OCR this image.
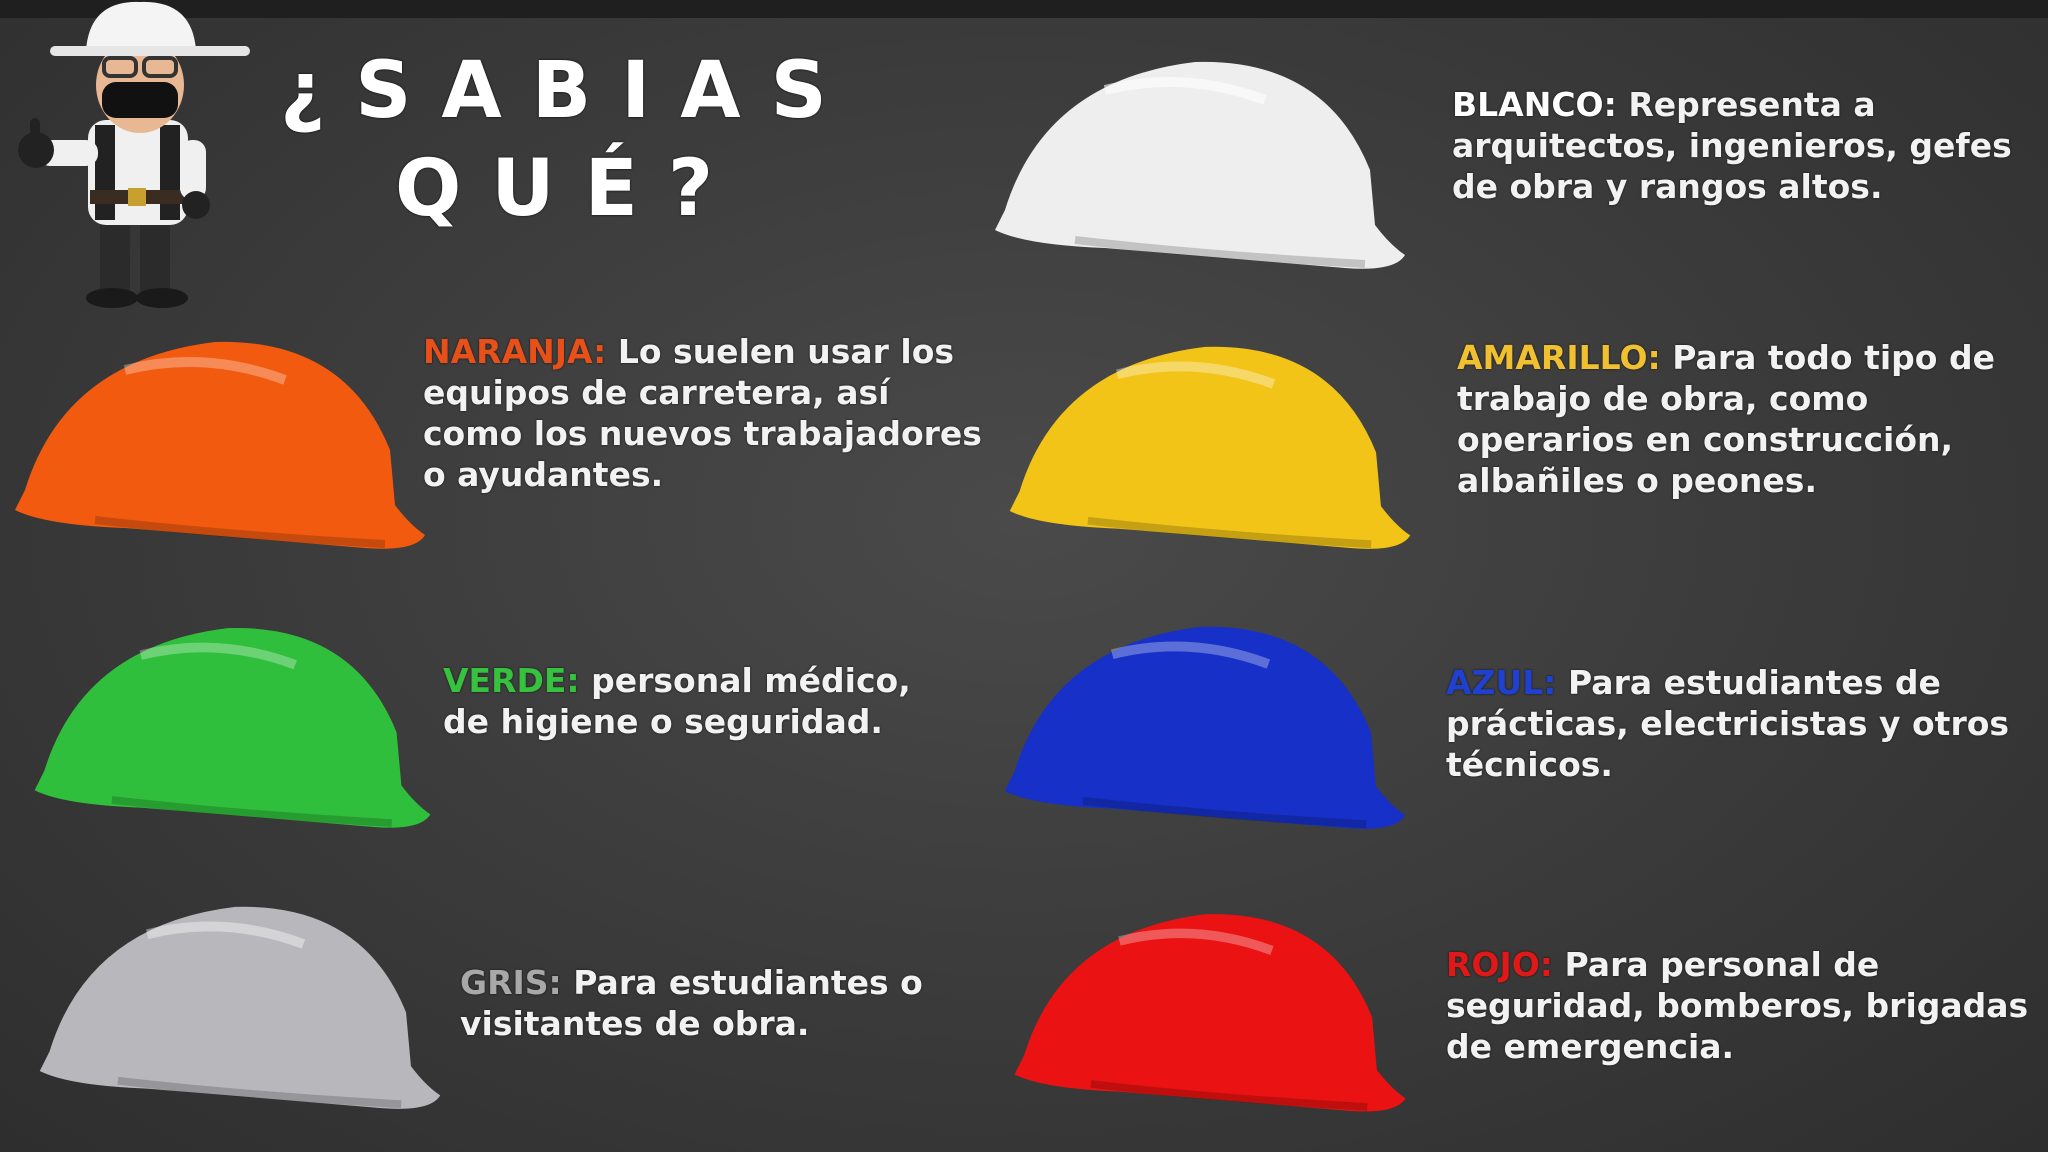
¿SABIAS
QUÉ?
BLANCO: Representa a arquitectos, ingenieros, gefes de obra y rangos altos.
NARANJA: Lo suelen usar los equipos de carretera, así como los nuevos trabajadores o ayudantes.
AMARILLO: Para todo tipo de trabajo de obra, como operarios en construcción, albañiles o peones.
VERDE: personal médico, de higiene o seguridad.
AZUL: Para estudiantes de prácticas, electricistas y otros técnicos.
GRIS: Para estudiantes o visitantes de obra.
ROJO: Para personal de seguridad, bomberos, brigadas de emergencia.
